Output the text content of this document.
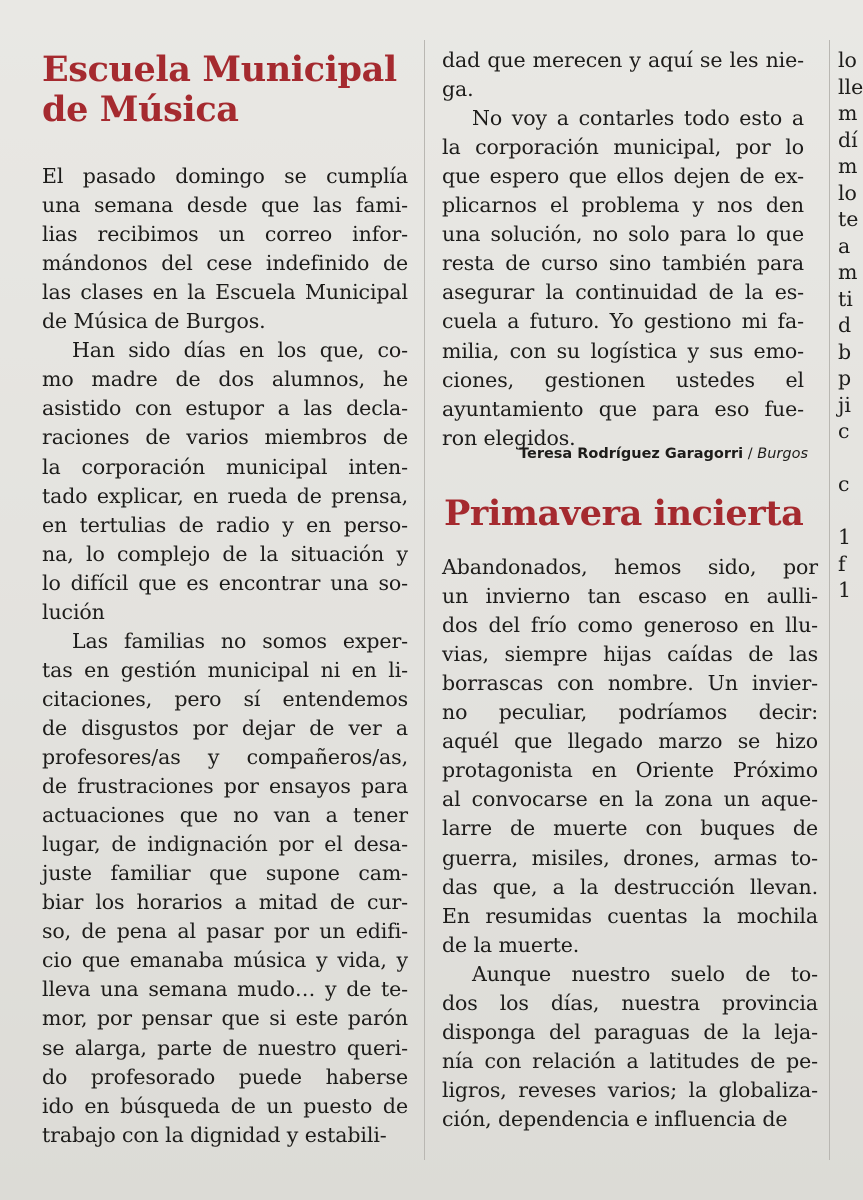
Escuela Municipal
de Música
El pasado domingo se cumplía
una semana desde que las fami-
lias recibimos un correo infor-
mándonos del cese indefinido de
las clases en la Escuela Municipal
de Música de Burgos.
Han sido días en los que, co-
mo madre de dos alumnos, he
asistido con estupor a las decla-
raciones de varios miembros de
la corporación municipal inten-
tado explicar, en rueda de prensa,
en tertulias de radio y en perso-
na, lo complejo de la situación y
lo difícil que es encontrar una so-
lución
Las familias no somos exper-
tas en gestión municipal ni en li-
citaciones, pero sí entendemos
de disgustos por dejar de ver a
profesores/as y compañeros/as,
de frustraciones por ensayos para
actuaciones que no van a tener
lugar, de indignación por el desa-
juste familiar que supone cam-
biar los horarios a mitad de cur-
so, de pena al pasar por un edifi-
cio que emanaba música y vida, y
lleva una semana mudo… y de te-
mor, por pensar que si este parón
se alarga, parte de nuestro queri-
do profesorado puede haberse
ido en búsqueda de un puesto de
trabajo con la dignidad y estabili-
Teresa Rodríguez Garagorri / Burgos
Primavera incierta
dad que merecen y aquí se les nie-
ga.
No voy a contarles todo esto a
la corporación municipal, por lo
que espero que ellos dejen de ex-
plicarnos el problema y nos den
una solución, no solo para lo que
resta de curso sino también para
asegurar la continuidad de la es-
cuela a futuro. Yo gestiono mi fa-
milia, con su logística y sus emo-
ciones, gestionen ustedes el
ayuntamiento que para eso fue-
ron elegidos.
Abandonados, hemos sido, por
un invierno tan escaso en aulli-
dos del frío como generoso en llu-
vias, siempre hijas caídas de las
borrascas con nombre. Un invier-
no peculiar, podríamos decir:
aquél que llegado marzo se hizo
protagonista en Oriente Próximo
al convocarse en la zona un aque-
larre de muerte con buques de
guerra, misiles, drones, armas to-
das que, a la destrucción llevan.
En resumidas cuentas la mochila
de la muerte.
Aunque nuestro suelo de to-
dos los días, nuestra provincia
disponga del paraguas de la leja-
nía con relación a latitudes de pe-
ligros, reveses varios; la globaliza-
ción, dependencia e influencia de
lo
lle
m
dí
m
lo
te
a
m
ti
d
b
p
ji
c
c
1
f
1
